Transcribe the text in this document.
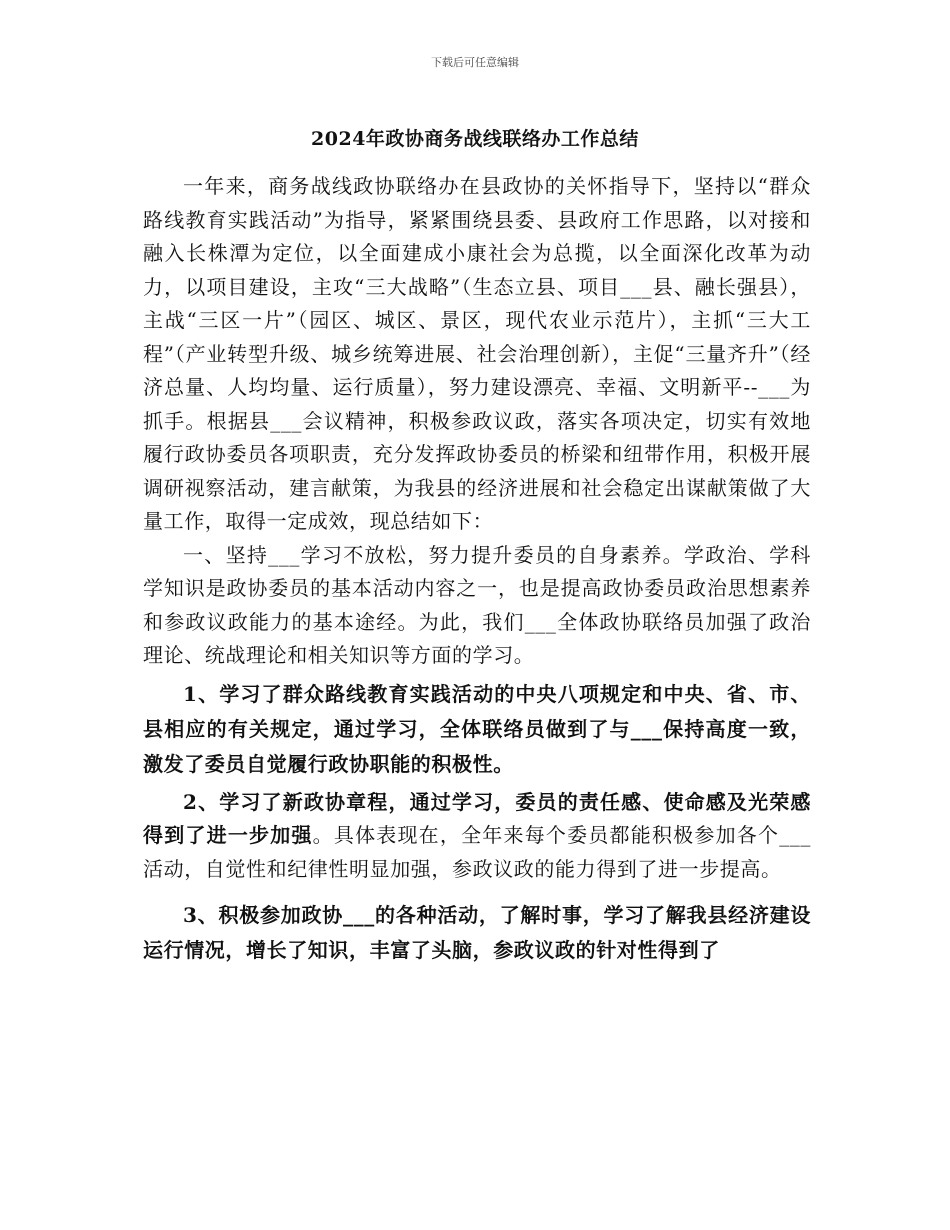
下载后可任意编辑
2024年政协商务战线联络办工作总结

一年来，商务战线政协联络办在县政协的关怀指导下，坚持以“群众路线教育实践活动”为指导，紧紧围绕县委、县政府工作思路，以对接和融入长株潭为定位，以全面建成小康社会为总揽，以全面深化改革为动力，以项目建设，主攻“三大战略”（生态立县、项目___县、融长强县），主战“三区一片”（园区、城区、景区，现代农业示范片），主抓“三大工程”（产业转型升级、城乡统筹进展、社会治理创新），主促“三量齐升”（经济总量、人均均量、运行质量），努力建设漂亮、幸福、文明新平--___为抓手。根据县___会议精神，积极参政议政，落实各项决定，切实有效地履行政协委员各项职责，充分发挥政协委员的桥梁和纽带作用，积极开展调研视察活动，建言献策，为我县的经济进展和社会稳定出谋献策做了大量工作，取得一定成效，现总结如下：

一、坚持___学习不放松，努力提升委员的自身素养。学政治、学科学知识是政协委员的基本活动内容之一，也是提高政协委员政治思想素养和参政议政能力的基本途经。为此，我们___全体政协联络员加强了政治理论、统战理论和相关知识等方面的学习。

1、学习了群众路线教育实践活动的中央八项规定和中央、省、市、县相应的有关规定，通过学习，全体联络员做到了与___保持高度一致，激发了委员自觉履行政协职能的积极性。

2、学习了新政协章程，通过学习，委员的责任感、使命感及光荣感得到了进一步加强。具体表现在，全年来每个委员都能积极参加各个___活动，自觉性和纪律性明显加强，参政议政的能力得到了进一步提高。

3、积极参加政协___的各种活动，了解时事，学习了解我县经济建设运行情况，增长了知识，丰富了头脑，参政议政的针对性得到了
